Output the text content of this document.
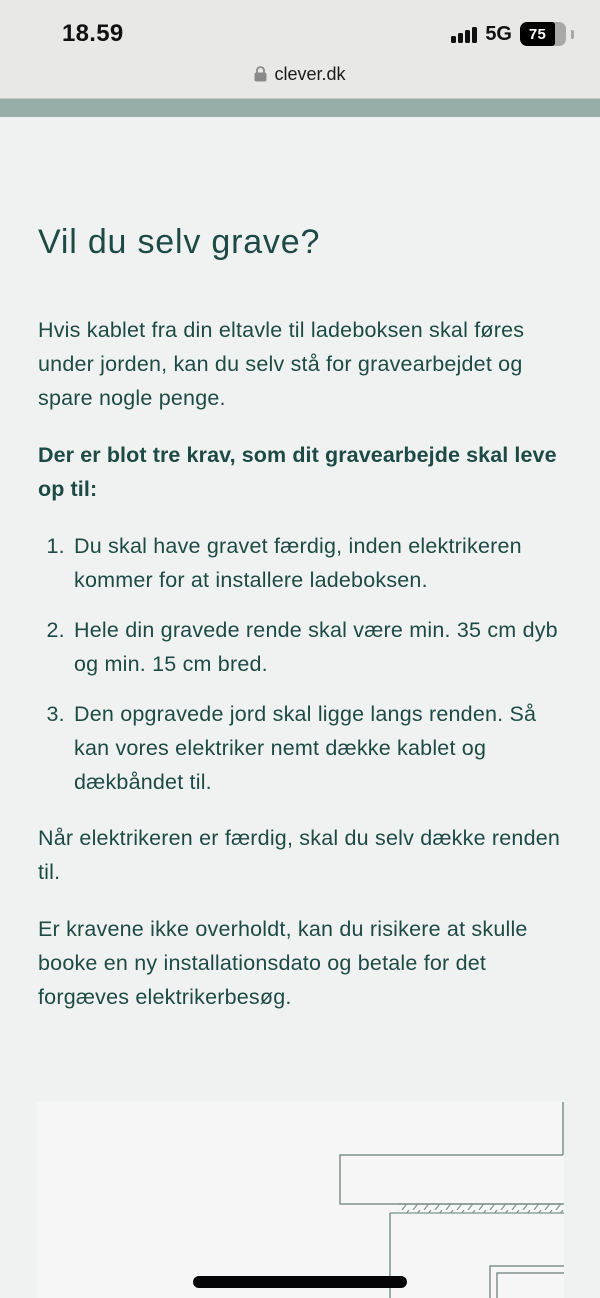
18.59	5G 75
clever.dk
Vil du selv grave?

Hvis kablet fra din eltavle til ladeboksen skal føres under jorden, kan du selv stå for gravearbejdet og spare nogle penge.

Der er blot tre krav, som dit gravearbejde skal leve op til:

1. Du skal have gravet færdig, inden elektrikeren kommer for at installere ladeboksen.
2. Hele din gravede rende skal være min. 35 cm dyb og min. 15 cm bred.
3. Den opgravede jord skal ligge langs renden. Så kan vores elektriker nemt dække kablet og dækbåndet til.

Når elektrikeren er færdig, skal du selv dække renden til.

Er kravene ikke overholdt, kan du risikere at skulle booke en ny installationsdato og betale for det forgæves elektrikerbesøg.
